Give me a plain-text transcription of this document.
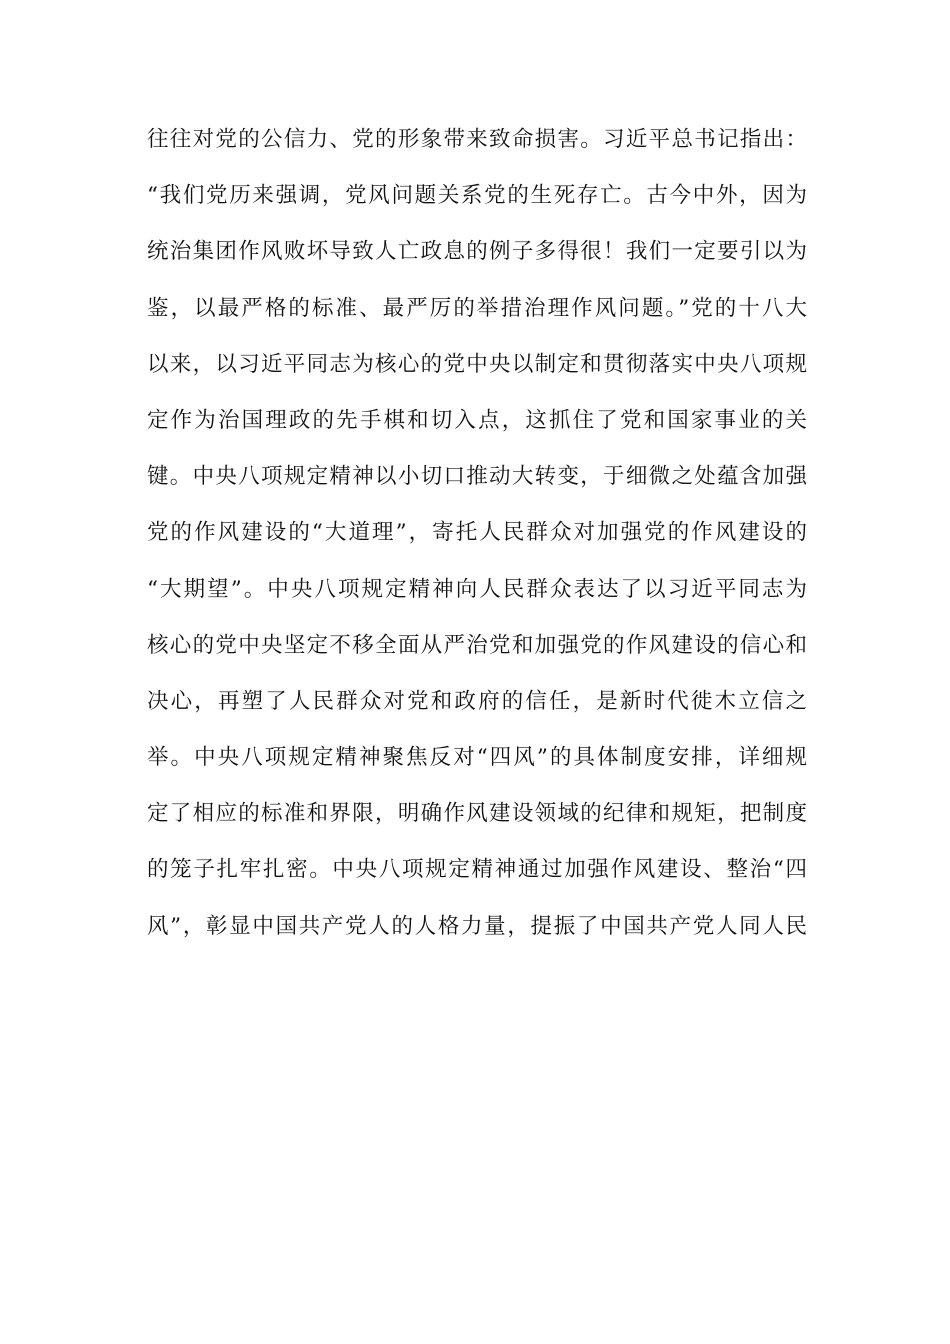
往往对党的公信力、党的形象带来致命损害。习近平总书记指出：
“我们党历来强调，党风问题关系党的生死存亡。古今中外，因为
统治集团作风败坏导致人亡政息的例子多得很！我们一定要引以为
鉴，以最严格的标准、最严厉的举措治理作风问题。”党的十八大
以来，以习近平同志为核心的党中央以制定和贯彻落实中央八项规
定作为治国理政的先手棋和切入点，这抓住了党和国家事业的关
键。中央八项规定精神以小切口推动大转变，于细微之处蕴含加强
党的作风建设的“大道理”，寄托人民群众对加强党的作风建设的
“大期望”。中央八项规定精神向人民群众表达了以习近平同志为
核心的党中央坚定不移全面从严治党和加强党的作风建设的信心和
决心，再塑了人民群众对党和政府的信任，是新时代徙木立信之
举。中央八项规定精神聚焦反对“四风”的具体制度安排，详细规
定了相应的标准和界限，明确作风建设领域的纪律和规矩，把制度
的笼子扎牢扎密。中央八项规定精神通过加强作风建设、整治“四
风”，彰显中国共产党人的人格力量，提振了中国共产党人同人民
